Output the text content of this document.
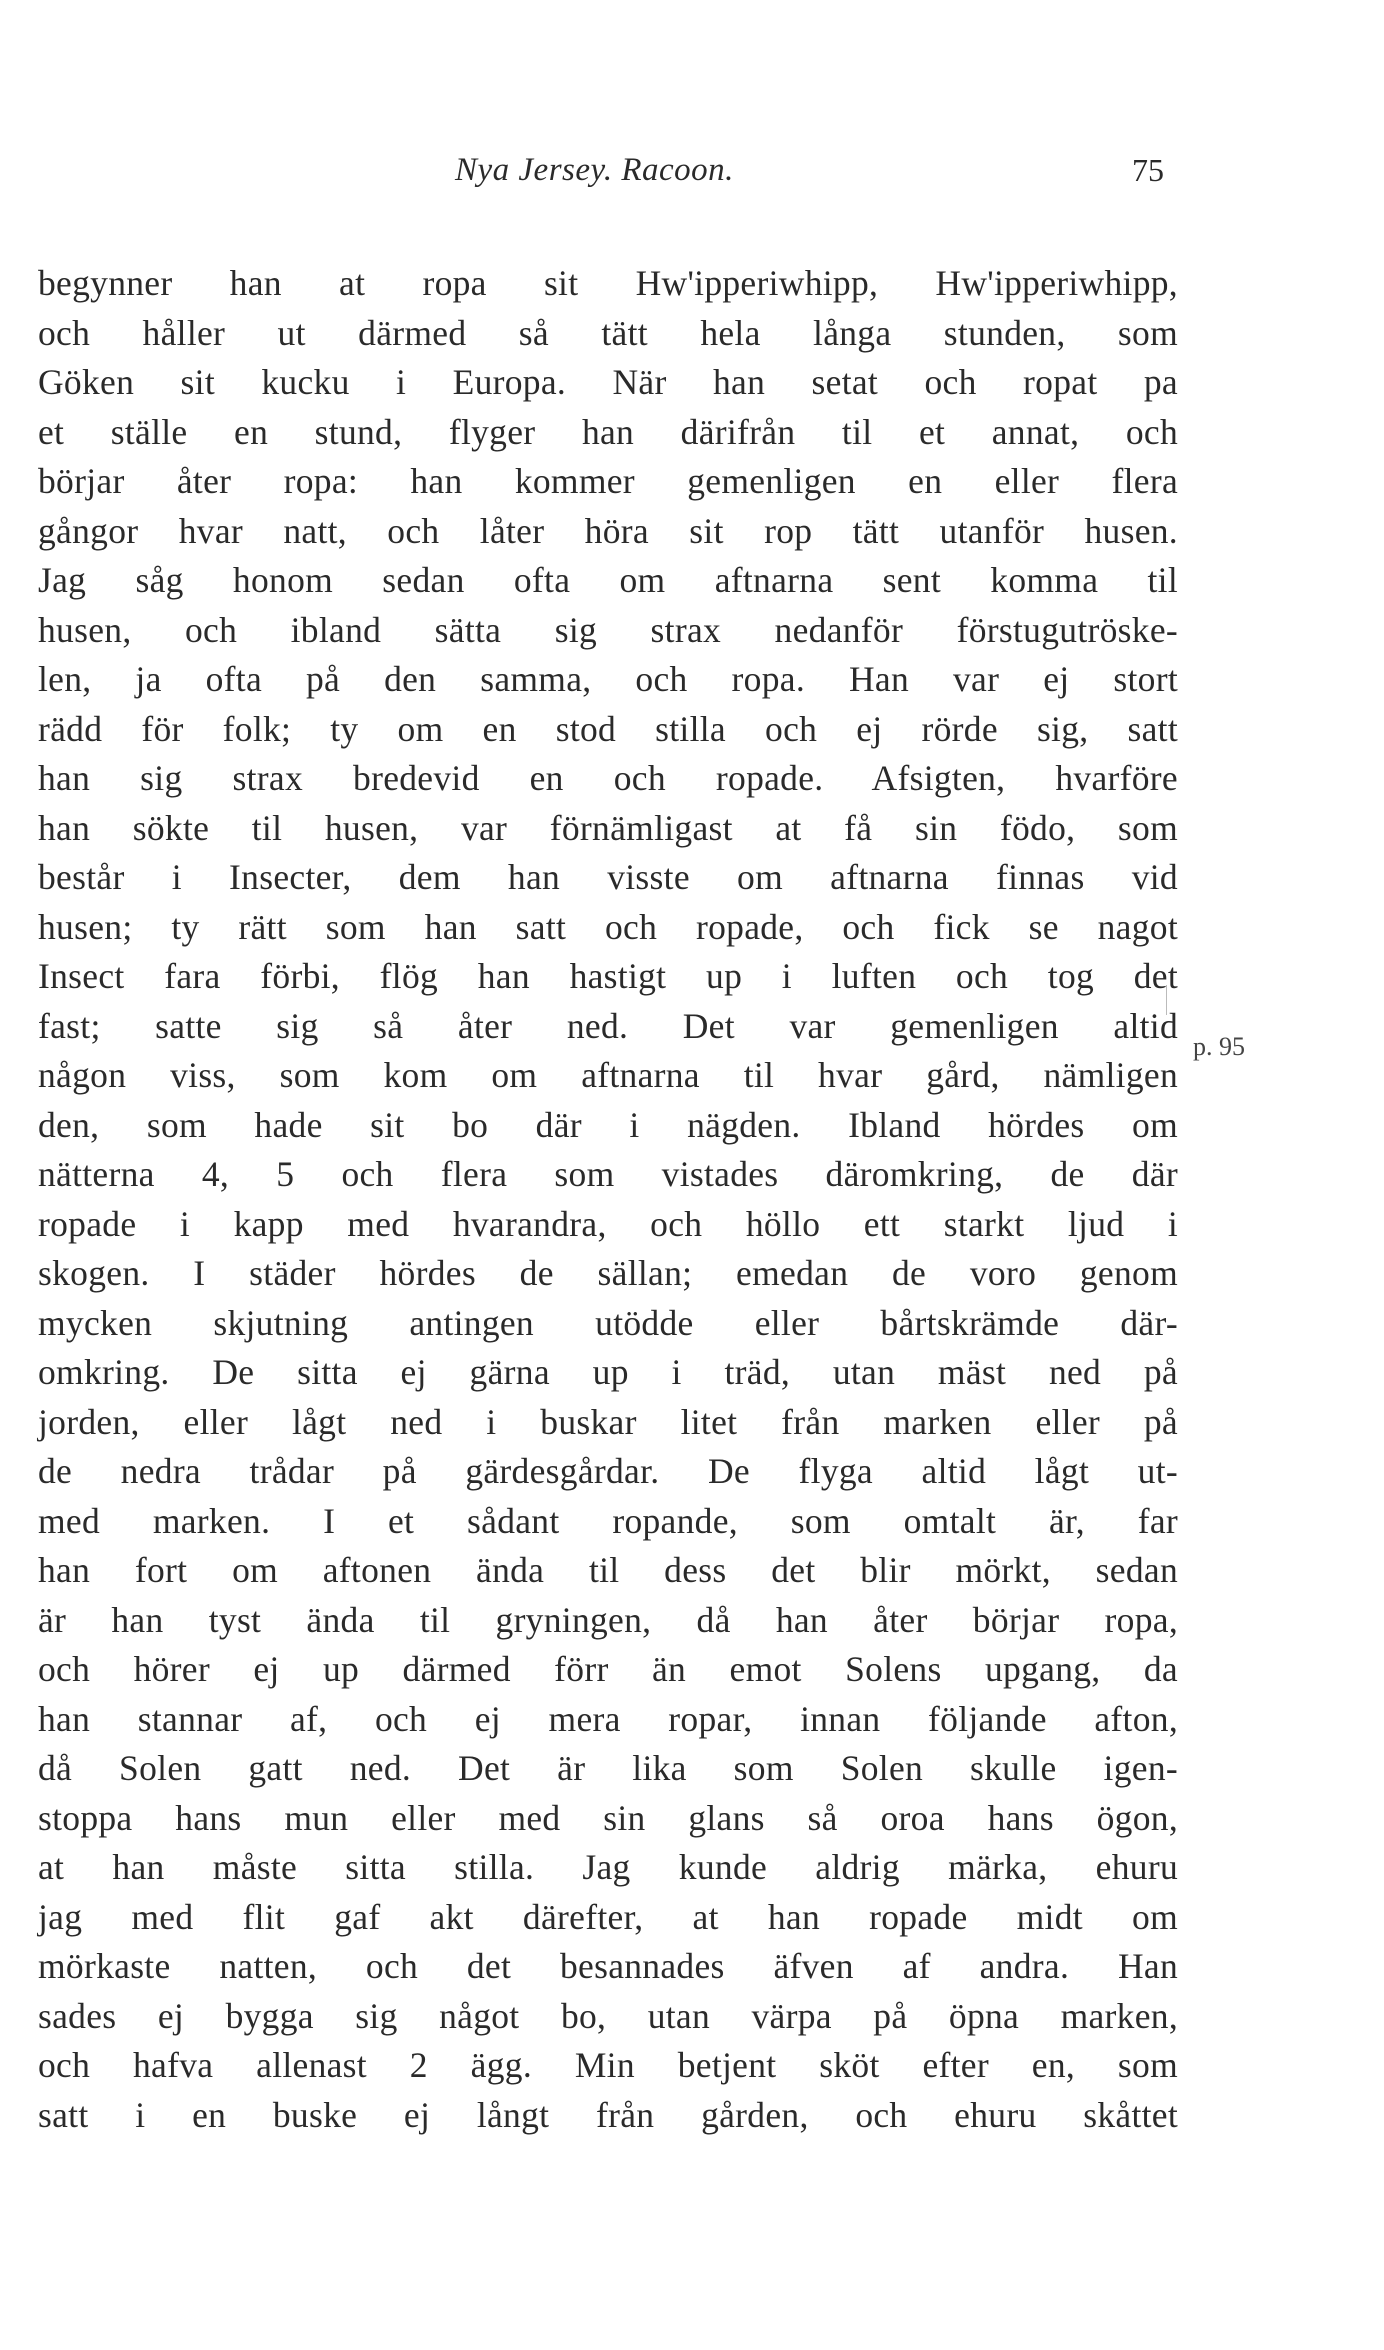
Nya Jersey. Racoon.	75
p. 95
begynner han at ropa sit Hw'ipperiwhipp, Hw'ipperiwhipp,
och håller ut därmed så tätt hela långa stunden, som
Göken sit kucku i Europa. När han setat och ropat pa
et ställe en stund, flyger han därifrån til et annat, och
börjar åter ropa: han kommer gemenligen en eller flera
gångor hvar natt, och låter höra sit rop tätt utanför husen.
Jag såg honom sedan ofta om aftnarna sent komma til
husen, och ibland sätta sig strax nedanför förstugutröske-
len, ja ofta på den samma, och ropa. Han var ej stort
rädd för folk; ty om en stod stilla och ej rörde sig, satt
han sig strax bredevid en och ropade. Afsigten, hvarföre
han sökte til husen, var förnämligast at få sin födo, som
består i Insecter, dem han visste om aftnarna finnas vid
husen; ty rätt som han satt och ropade, och fick se nagot
Insect fara förbi, flög han hastigt up i luften och tog det
fast; satte sig så åter ned. Det var gemenligen altid
någon viss, som kom om aftnarna til hvar gård, nämligen
den, som hade sit bo där i nägden. Ibland hördes om
nätterna 4, 5 och flera som vistades däromkring, de där
ropade i kapp med hvarandra, och höllo ett starkt ljud i
skogen. I städer hördes de sällan; emedan de voro genom
mycken skjutning antingen utödde eller bårtskrämde där-
omkring. De sitta ej gärna up i träd, utan mäst ned på
jorden, eller lågt ned i buskar litet från marken eller på
de nedra trådar på gärdesgårdar. De flyga altid lågt ut-
med marken. I et sådant ropande, som omtalt är, far
han fort om aftonen ända til dess det blir mörkt, sedan
är han tyst ända til gryningen, då han åter börjar ropa,
och hörer ej up därmed förr än emot Solens upgang, da
han stannar af, och ej mera ropar, innan följande afton,
då Solen gatt ned. Det är lika som Solen skulle igen-
stoppa hans mun eller med sin glans så oroa hans ögon,
at han måste sitta stilla. Jag kunde aldrig märka, ehuru
jag med flit gaf akt därefter, at han ropade midt om
mörkaste natten, och det besannades äfven af andra. Han
sades ej bygga sig något bo, utan värpa på öpna marken,
och hafva allenast 2 ägg. Min betjent sköt efter en, som
satt i en buske ej långt från gården, och ehuru skåttet
